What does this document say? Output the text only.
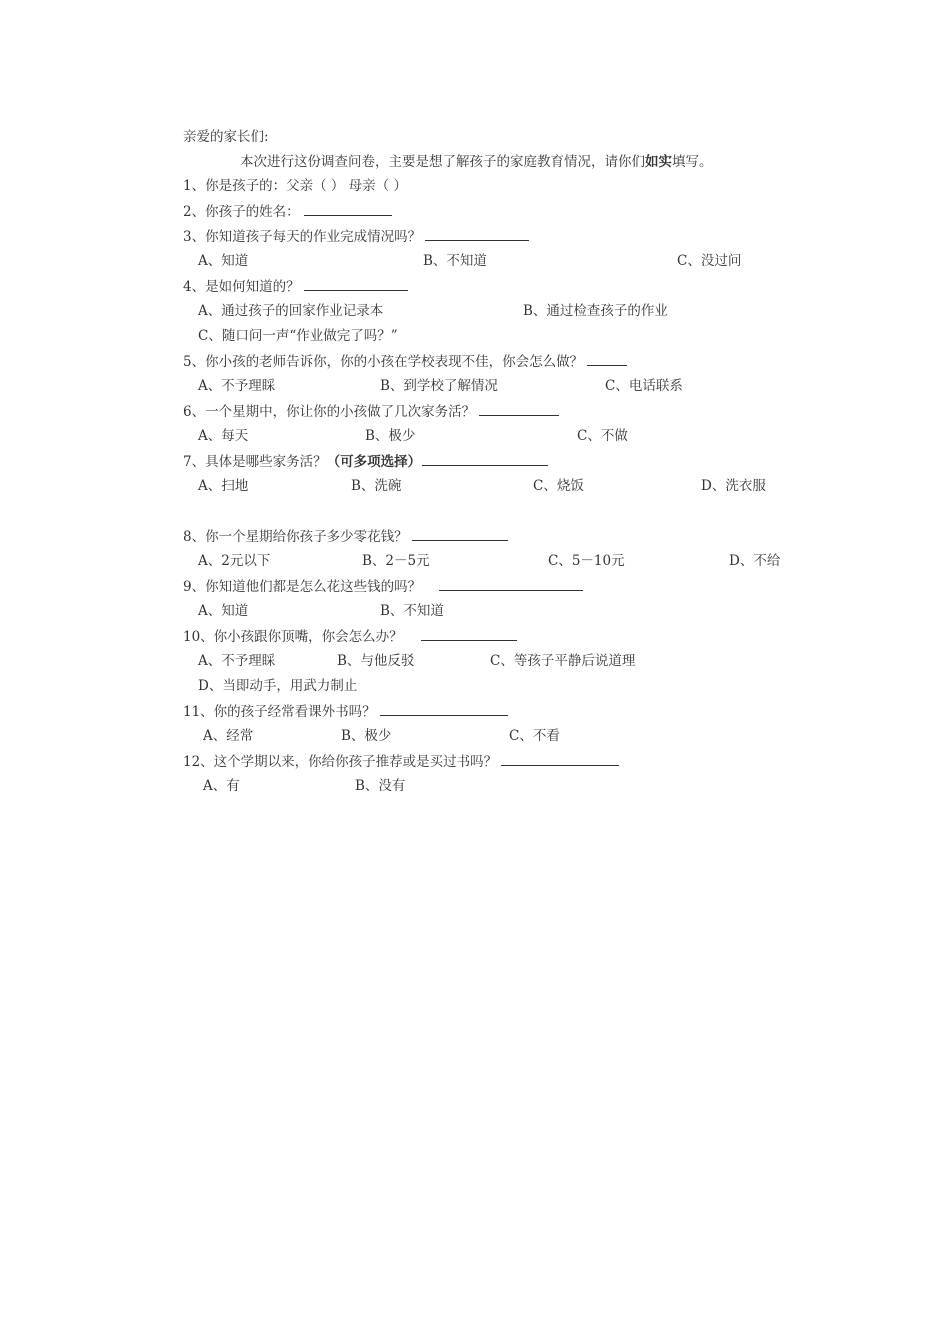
亲爱的家长们:
本次进行这份调查问卷，主要是想了解孩子的家庭教育情况，请你们如实填写。
1、你是孩子的：父亲（ ） 母亲（ ）
2、你孩子的姓名：
3、你知道孩子每天的作业完成情况吗？
A、知道	B、不知道	C、没过问
4、是如何知道的？
A、通过孩子的回家作业记录本	B、通过检查孩子的作业
C、随口问一声“作业做完了吗？”
5、你小孩的老师告诉你，你的小孩在学校表现不佳，你会怎么做？
A、不予理睬	B、到学校了解情况	C、电话联系
6、一个星期中，你让你的小孩做了几次家务活？
A、每天	B、极少	C、不做
7、具体是哪些家务活？（可多项选择）
A、扫地	B、洗碗	C、烧饭	D、洗衣服
8、你一个星期给你孩子多少零花钱？
A、2元以下	B、2－5元	C、5－10元	D、不给
9、你知道他们都是怎么花这些钱的吗？
A、知道	B、不知道
10、你小孩跟你顶嘴，你会怎么办？
A、不予理睬	B、与他反驳	C、等孩子平静后说道理
D、当即动手，用武力制止
11、你的孩子经常看课外书吗？
A、经常	B、极少	C、不看
12、这个学期以来，你给你孩子推荐或是买过书吗？
A、有	B、没有
